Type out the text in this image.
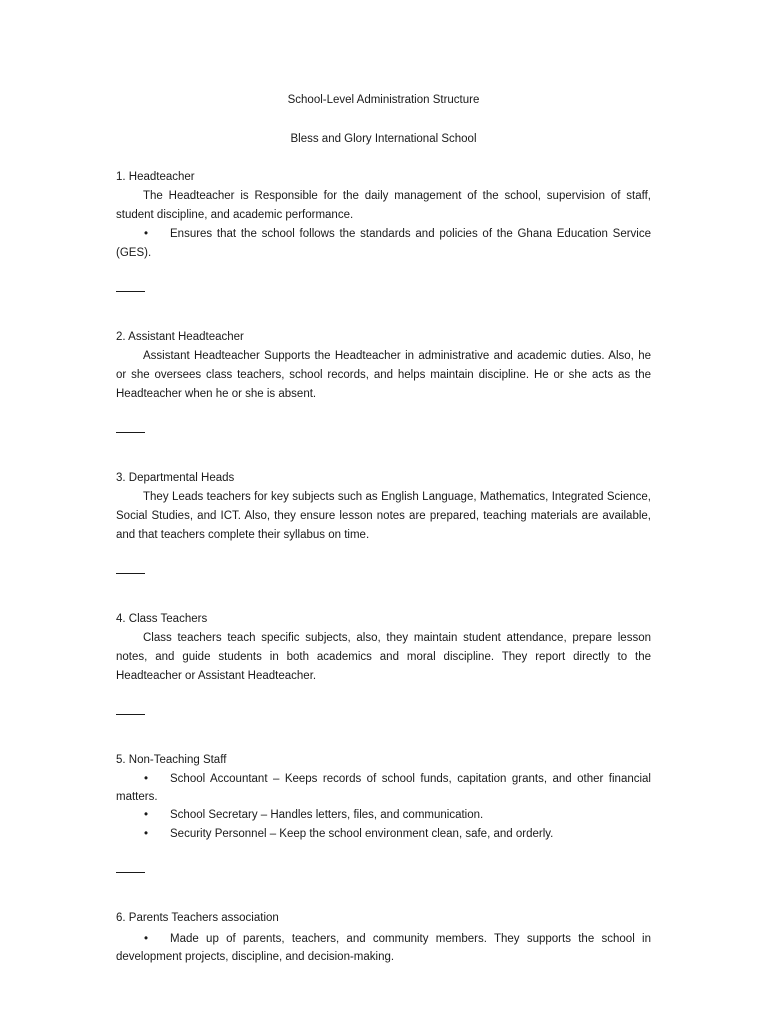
School-Level Administration Structure

Bless and Glory International School

1. Headteacher

The Headteacher is Responsible for the daily management of the school, supervision of staff, student discipline, and academic performance.

• Ensures that the school follows the standards and policies of the Ghana Education Service (GES).

2. Assistant Headteacher

Assistant Headteacher Supports the Headteacher in administrative and academic duties. Also, he or she oversees class teachers, school records, and helps maintain discipline. He or she acts as the Headteacher when he or she is absent.

3. Departmental Heads

They Leads teachers for key subjects such as English Language, Mathematics, Integrated Science, Social Studies, and ICT. Also, they ensure lesson notes are prepared, teaching materials are available, and that teachers complete their syllabus on time.

4. Class Teachers

Class teachers teach specific subjects, also, they maintain student attendance, prepare lesson notes, and guide students in both academics and moral discipline. They report directly to the Headteacher or Assistant Headteacher.

5. Non-Teaching Staff

• School Accountant – Keeps records of school funds, capitation grants, and other financial matters.

• School Secretary – Handles letters, files, and communication.

• Security Personnel – Keep the school environment clean, safe, and orderly.

6. Parents Teachers association

• Made up of parents, teachers, and community members. They supports the school in development projects, discipline, and decision-making.
